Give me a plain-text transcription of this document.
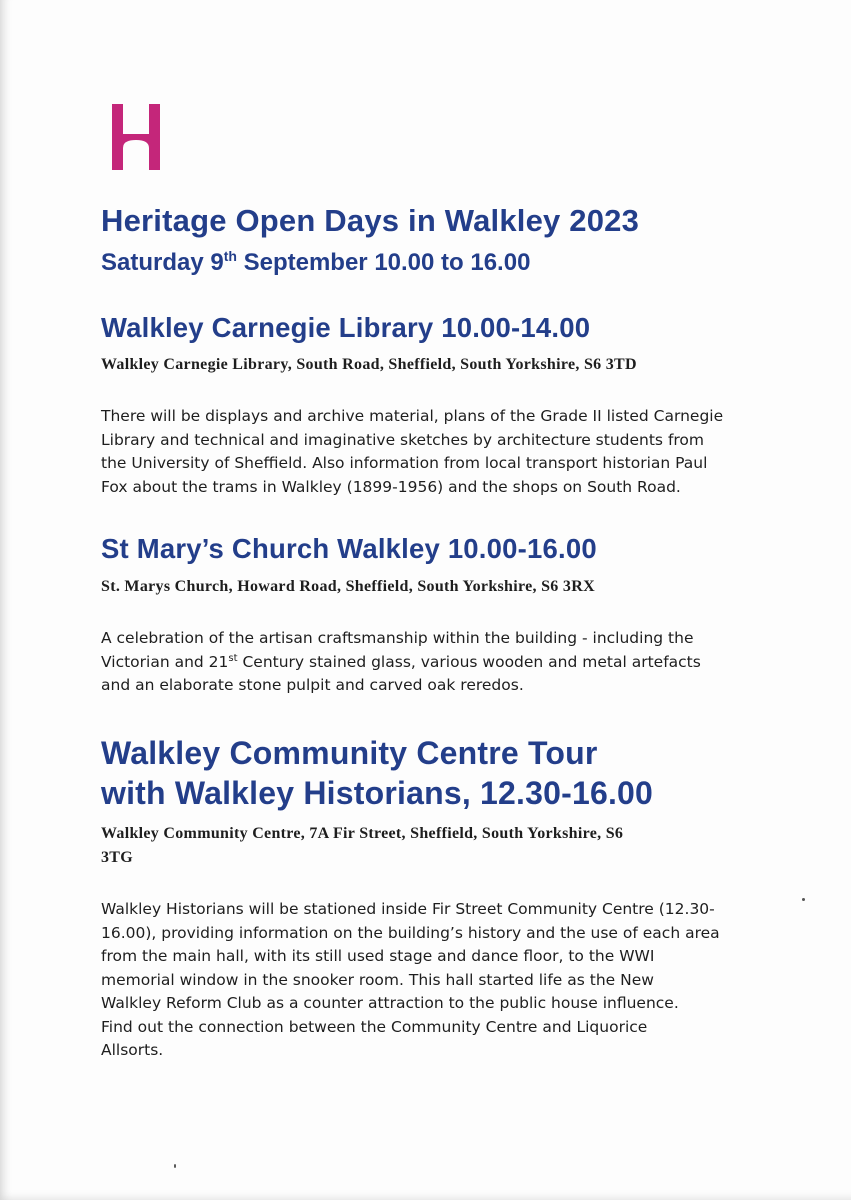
Heritage Open Days in Walkley 2023
Saturday 9th September 10.00 to 16.00
Walkley Carnegie Library 10.00-14.00

Walkley Carnegie Library, South Road, Sheffield, South Yorkshire, S6 3TD

There will be displays and archive material, plans of the Grade II listed Carnegie
Library and technical and imaginative sketches by architecture students from
the University of Sheffield. Also information from local transport historian Paul
Fox about the trams in Walkley (1899-1956) and the shops on South Road.

St Mary’s Church Walkley 10.00-16.00

St. Marys Church, Howard Road, Sheffield, South Yorkshire, S6 3RX

A celebration of the artisan craftsmanship within the building - including the
Victorian and 21st Century stained glass, various wooden and metal artefacts
and an elaborate stone pulpit and carved oak reredos.

Walkley Community Centre Tour
with Walkley Historians, 12.30-16.00

Walkley Community Centre, 7A Fir Street, Sheffield, South Yorkshire, S6
3TG

Walkley Historians will be stationed inside Fir Street Community Centre (12.30-
16.00), providing information on the building’s history and the use of each area
from the main hall, with its still used stage and dance floor, to the WWI
memorial window in the snooker room. This hall started life as the New
Walkley Reform Club as a counter attraction to the public house influence.
Find out the connection between the Community Centre and Liquorice
Allsorts.
